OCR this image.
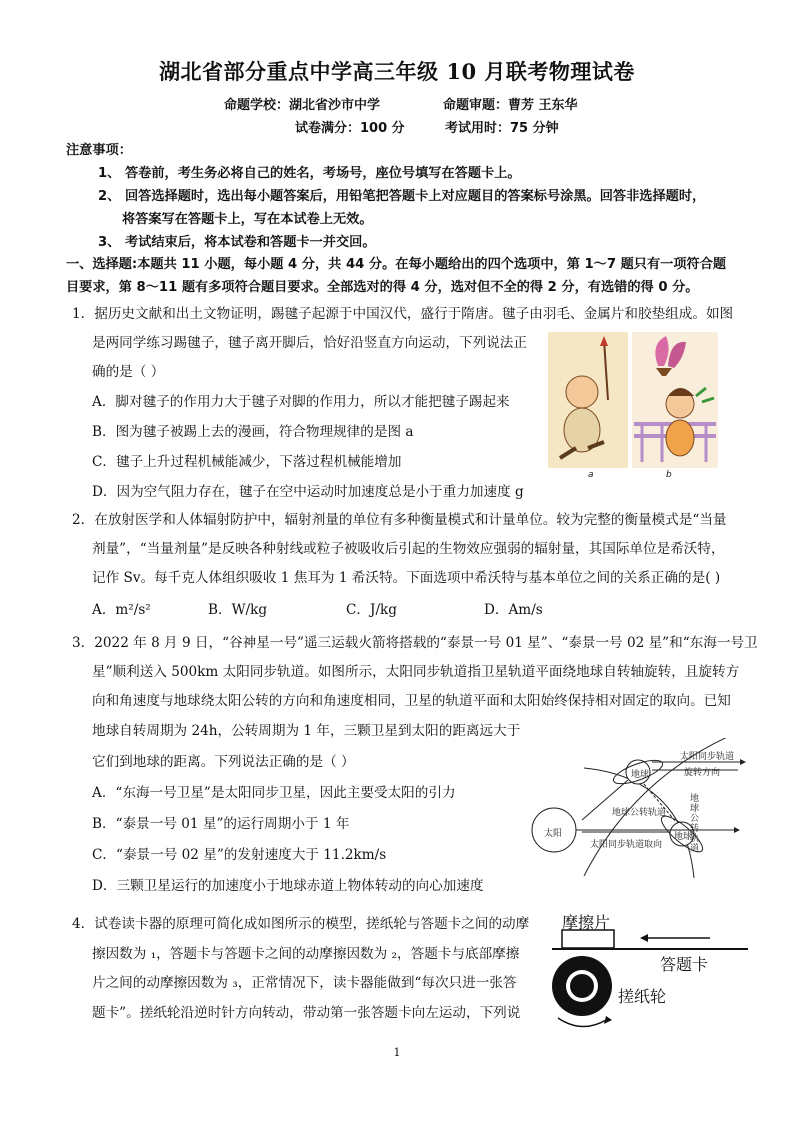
湖北省部分重点中学高三年级 10 月联考物理试卷
命题学校：湖北省沙市中学	命题审题：曹芳 王东华
试卷满分：100 分	考试用时：75 分钟
注意事项：
1、 答卷前，考生务必将自己的姓名，考场号，座位号填写在答题卡上。
2、 回答选择题时，选出每小题答案后，用铅笔把答题卡上对应题目的答案标号涂黑。回答非选择题时，
将答案写在答题卡上，写在本试卷上无效。
3、 考试结束后，将本试卷和答题卡一并交回。
一、选择题:本题共 11 小题，每小题 4 分，共 44 分。在每小题给出的四个选项中，第 1～7 题只有一项符合题
目要求，第 8～11 题有多项符合题目要求。全部选对的得 4 分，选对但不全的得 2 分，有选错的得 0 分。
1．据历史文献和出土文物证明，踢毽子起源于中国汉代，盛行于隋唐。毽子由羽毛、金属片和胶垫组成。如图
是两同学练习踢毽子，毽子离开脚后，恰好沿竖直方向运动，下列说法正
确的是（ ）
A．脚对毽子的作用力大于毽子对脚的作用力，所以才能把毽子踢起来
B．图为毽子被踢上去的漫画，符合物理规律的是图 a
C．毽子上升过程机械能减少，下落过程机械能增加
D．因为空气阻力存在，毽子在空中运动时加速度总是小于重力加速度 g
a	b
2．在放射医学和人体辐射防护中，辐射剂量的单位有多种衡量模式和计量单位。较为完整的衡量模式是“当量
剂量”，“当量剂量”是反映各种射线或粒子被吸收后引起的生物效应强弱的辐射量，其国际单位是希沃特，
记作 Sv。每千克人体组织吸收 1 焦耳为 1 希沃特。下面选项中希沃特与基本单位之间的关系正确的是( )
A．m²/s²	B．W/kg	C．J/kg	D．Am/s
3．2022 年 8 月 9 日，“谷神星一号”遥三运载火箭将搭载的“泰景一号 01 星”、“泰景一号 02 星”和“东海一号卫
星”顺利送入 500km 太阳同步轨道。如图所示，太阳同步轨道指卫星轨道平面绕地球自转轴旋转，且旋转方
向和角速度与地球绕太阳公转的方向和角速度相同，卫星的轨道平面和太阳始终保持相对固定的取向。已知
地球自转周期为 24h，公转周期为 1 年，三颗卫星到太阳的距离远大于
它们到地球的距离。下列说法正确的是（ ）
A．“东海一号卫星”是太阳同步卫星，因此主要受太阳的引力
B．“泰景一号 01 星”的运行周期小于 1 年
C．“泰景一号 02 星”的发射速度大于 11.2km/s
D．三颗卫星运行的加速度小于地球赤道上物体转动的向心加速度
太阳
地球
地球
太阳同步轨道
旋转方向
地球公转轨道
地球公转轨道
太阳同步轨道取向
4．试卷读卡器的原理可简化成如图所示的模型，搓纸轮与答题卡之间的动摩
擦因数为 ₁，答题卡与答题卡之间的动摩擦因数为 ₂，答题卡与底部摩擦
片之间的动摩擦因数为 ₃，正常情况下，读卡器能做到“每次只进一张答
题卡”。搓纸轮沿逆时针方向转动，带动第一张答题卡向左运动，下列说
摩擦片
答题卡
搓纸轮
1
